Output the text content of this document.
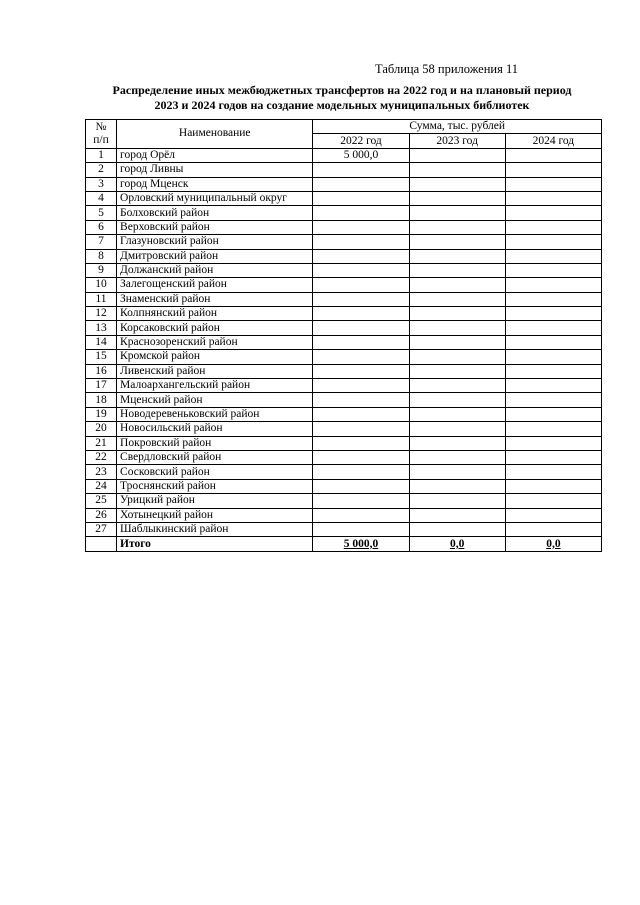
Таблица 58 приложения 11
Распределение иных межбюджетных трансфертов на 2022 год и на плановый период
2023 и 2024 годов на создание модельных муниципальных библиотек
№
п/п	Наименование	Сумма, тыс. рублей		
		2022 год	2023 год	2024 год
1	город Орёл	5 000,0		
2	город Ливны			
3	город Мценск			
4	Орловский муниципальный округ			
5	Болховский район			
6	Верховский район			
7	Глазуновский район			
8	Дмитровский район			
9	Должанский район			
10	Залегощенский район			
11	Знаменский район			
12	Колпнянский район			
13	Корсаковский район			
14	Краснозоренский район			
15	Кромской район			
16	Ливенский район			
17	Малоархангельский район			
18	Мценский район			
19	Новодеревеньковский район			
20	Новосильский район			
21	Покровский район			
22	Свердловский район			
23	Сосковский район			
24	Троснянский район			
25	Урицкий район			
26	Хотынецкий район			
27	Шаблыкинский район			
	Итого	5 000,0	0,0	0,0
